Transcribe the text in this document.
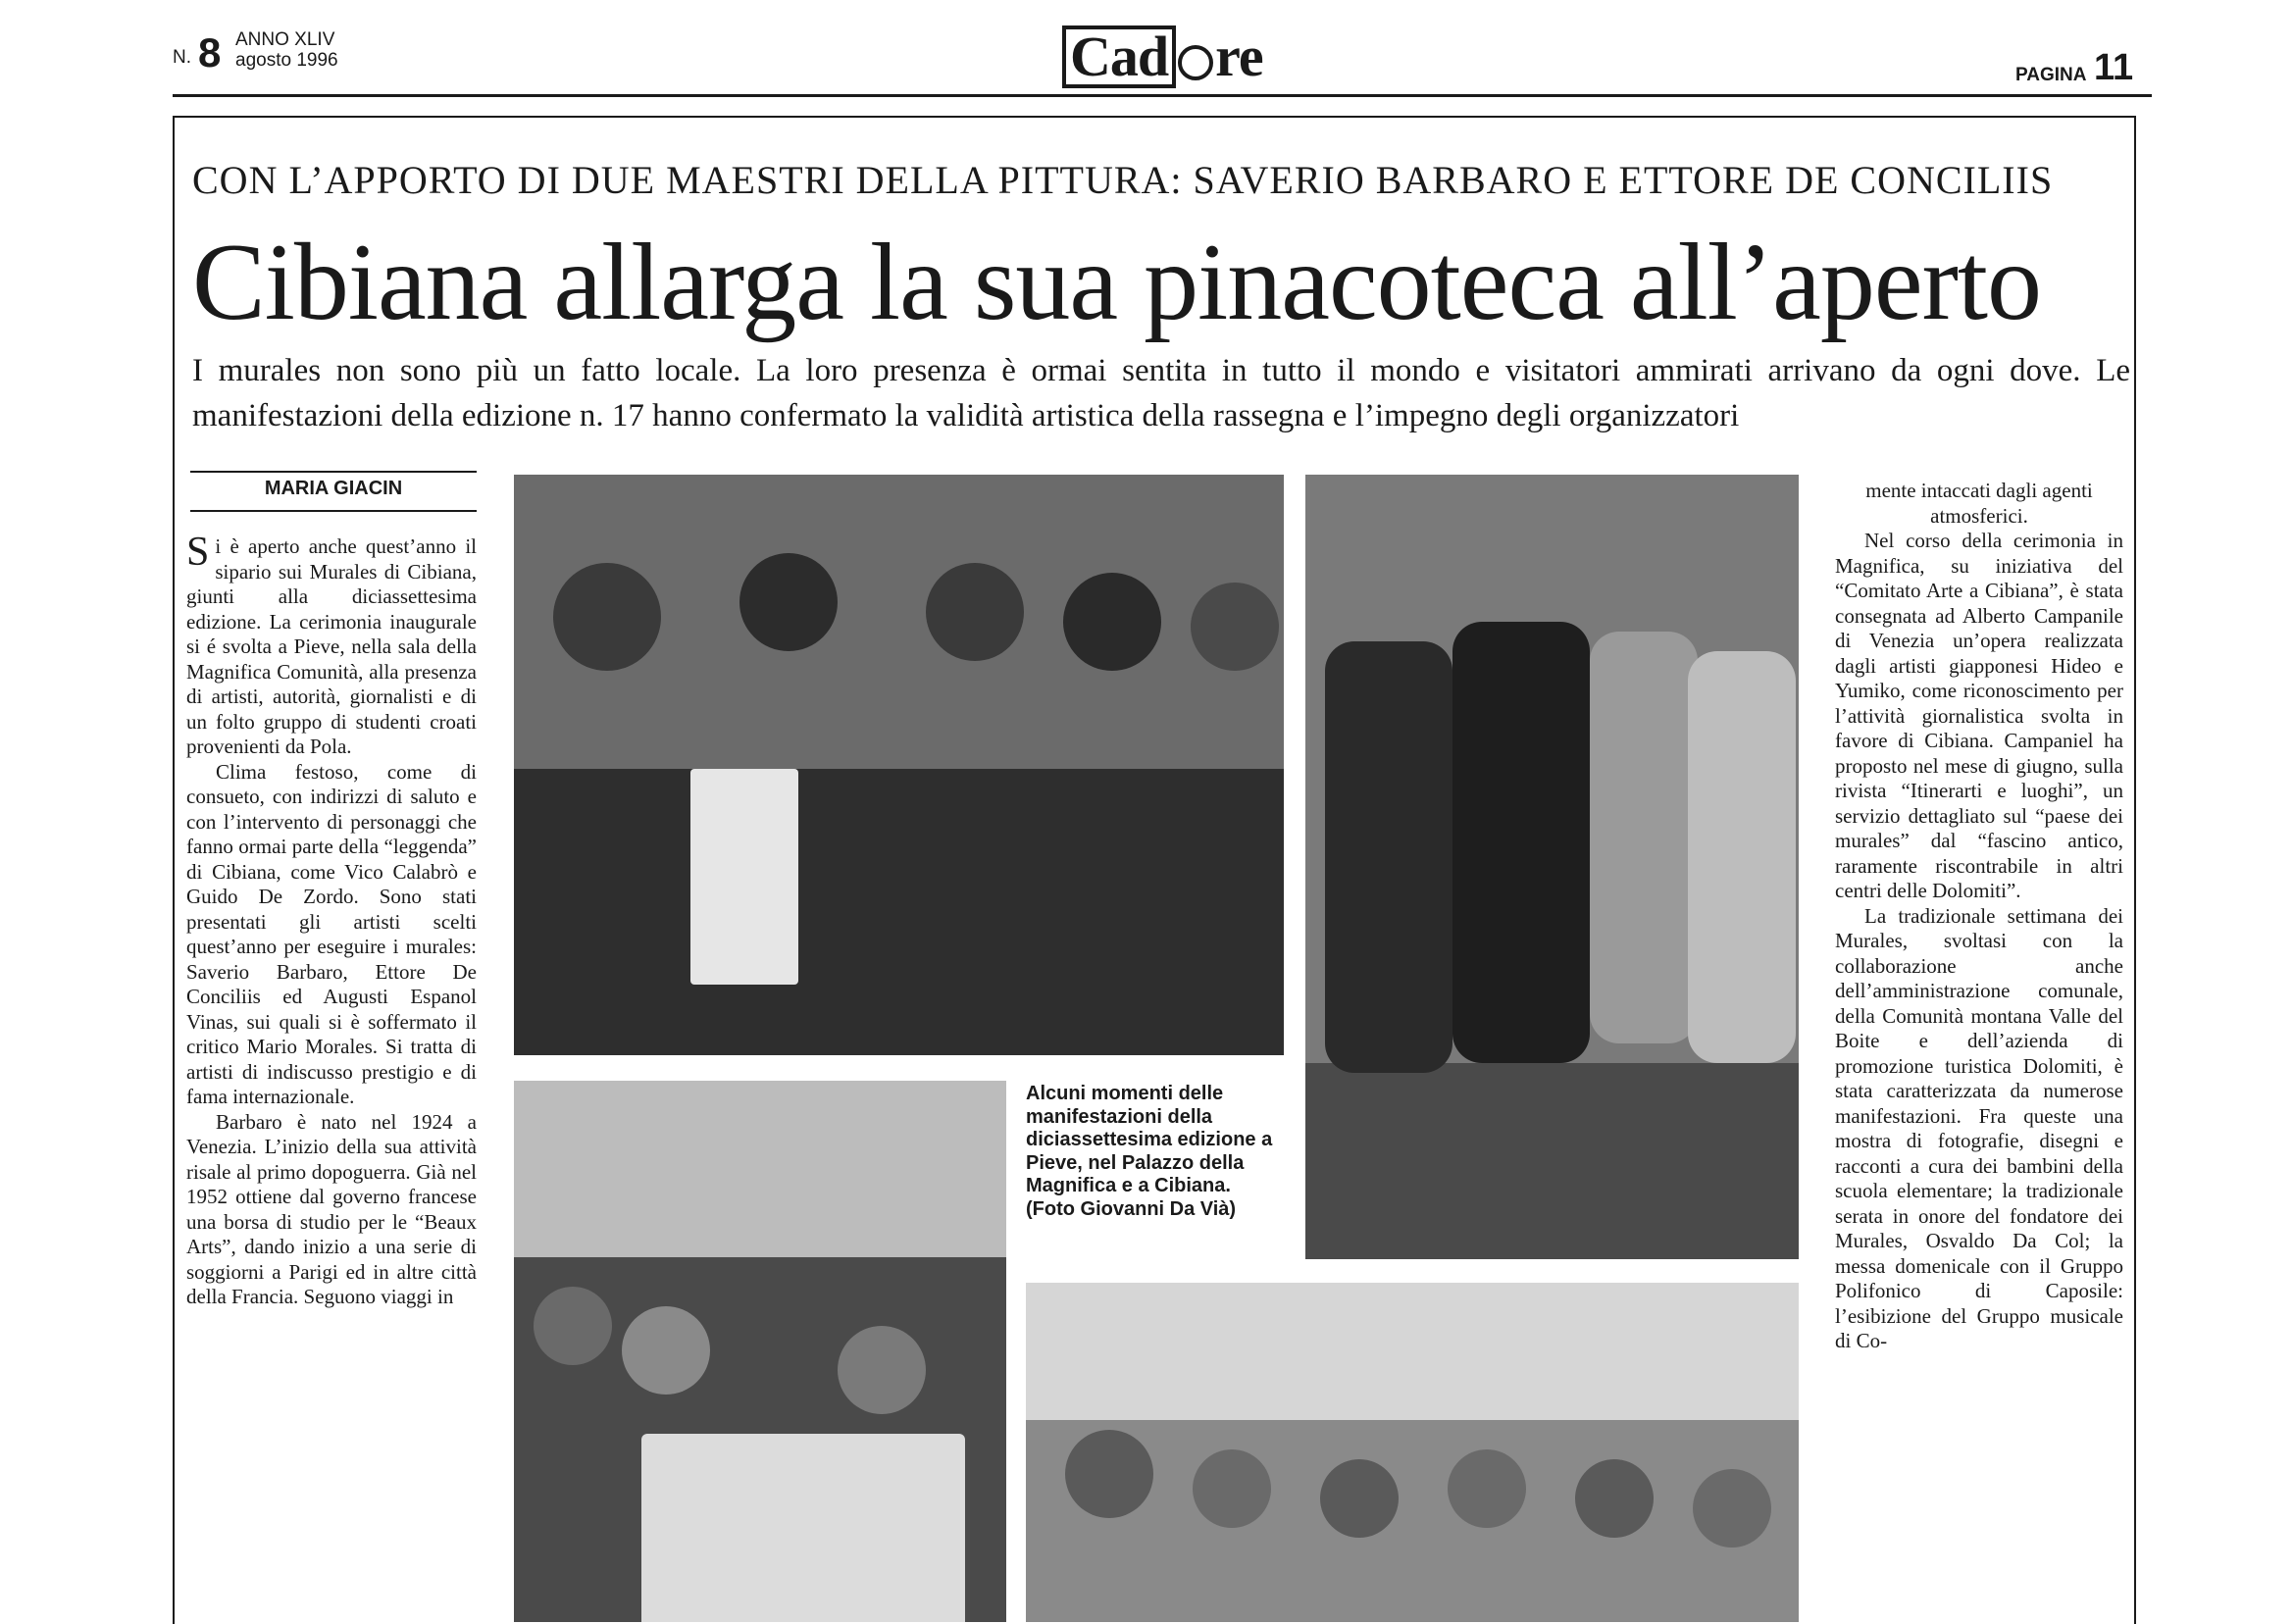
N. 8 ANNO XLIV
agosto 1996	Cad re	PAGINA 11
CON L’APPORTO DI DUE MAESTRI DELLA PITTURA: SAVERIO BARBARO E ETTORE DE CONCILIIS
Cibiana allarga la sua pinacoteca all’aperto
I murales non sono più un fatto locale. La loro presenza è ormai sentita in tutto il mondo e visitatori ammirati arrivano da ogni dove. Le manifestazioni della edizione n. 17 hanno confermato la validità artistica della rassegna e l’impegno degli organizzatori
MARIA GIACIN

Si è aperto anche quest’anno il sipario sui Murales di Cibiana, giunti alla diciassettesima edizione. La cerimonia inaugurale si é svolta a Pieve, nella sala della Magnifica Comunità, alla presenza di artisti, autorità, giornalisti e di un folto gruppo di studenti croati provenienti da Pola.

Clima festoso, come di consueto, con indirizzi di saluto e con l’intervento di personaggi che fanno ormai parte della “leggenda” di Cibiana, come Vico Calabrò e Guido De Zordo. Sono stati presentati gli artisti scelti quest’anno per eseguire i murales: Saverio Barbaro, Ettore De Conciliis ed Augusti Espanol Vinas, sui quali si è soffermato il critico Mario Morales. Si tratta di artisti di indiscusso prestigio e di fama internazionale.

Barbaro è nato nel 1924 a Venezia. L’inizio della sua attività risale al primo dopoguerra. Già nel 1952 ottiene dal governo francese una borsa di studio per le “Beaux Arts”, dando inizio a una serie di soggiorni a Parigi ed in altre città della Francia. Seguono viaggi in

Alcuni momenti delle manifestazioni della diciassettesima edizione a Pieve, nel Palazzo della Magnifica e a Cibiana.
(Foto Giovanni Da Vià)

mente intaccati dagli agenti atmosferici.

Nel corso della cerimonia in Magnifica, su iniziativa del “Comitato Arte a Cibiana”, è stata consegnata ad Alberto Campanile di Venezia un’opera realizzata dagli artisti giapponesi Hideo e Yumiko, come riconoscimento per l’attività giornalistica svolta in favore di Cibiana. Campaniel ha proposto nel mese di giugno, sulla rivista “Itinerarti e luoghi”, un servizio dettagliato sul “paese dei murales” dal “fascino antico, raramente riscontrabile in altri centri delle Dolomiti”.

La tradizionale settimana dei Murales, svoltasi con la collaborazione anche dell’amministrazione comunale, della Comunità montana Valle del Boite e dell’azienda di promozione turistica Dolomiti, è stata caratterizzata da numerose manifestazioni. Fra queste una mostra di fotografie, disegni e racconti a cura dei bambini della scuola elementare; la tradizionale serata in onore del fondatore dei Murales, Osvaldo Da Col; la messa domenicale con il Gruppo Polifonico di Caposile: l’esibizione del Gruppo musicale di Co-
